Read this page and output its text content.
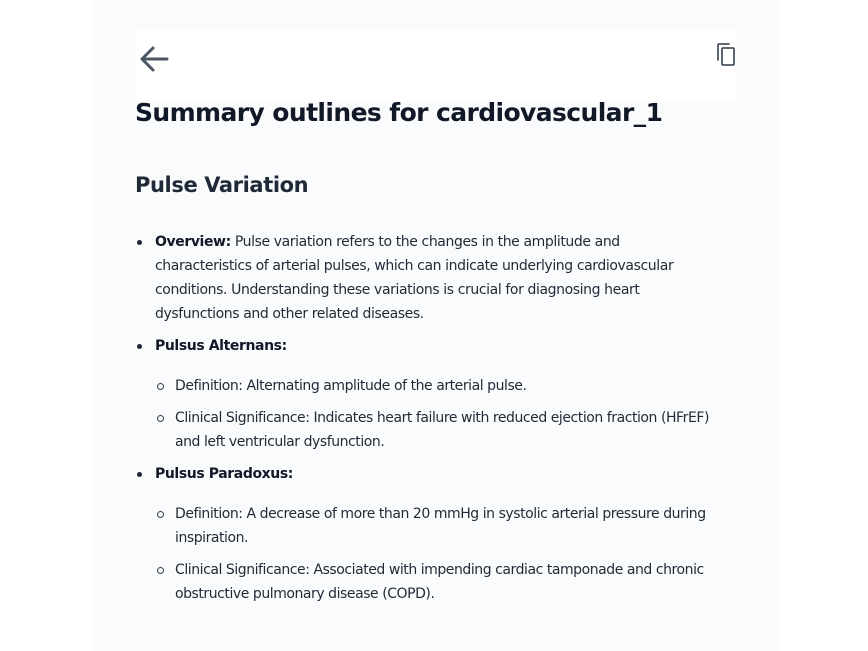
Summary outlines for cardiovascular_1
Pulse Variation
Overview: Pulse variation refers to the changes in the amplitude and characteristics of arterial pulses, which can indicate underlying cardiovascular conditions. Understanding these variations is crucial for diagnosing heart dysfunctions and other related diseases.
Pulsus Alternans:
Definition: Alternating amplitude of the arterial pulse.
Clinical Significance: Indicates heart failure with reduced ejection fraction (HFrEF) and left ventricular dysfunction.
Pulsus Paradoxus:
Definition: A decrease of more than 20 mmHg in systolic arterial pressure during inspiration.
Clinical Significance: Associated with impending cardiac tamponade and chronic obstructive pulmonary disease (COPD).
